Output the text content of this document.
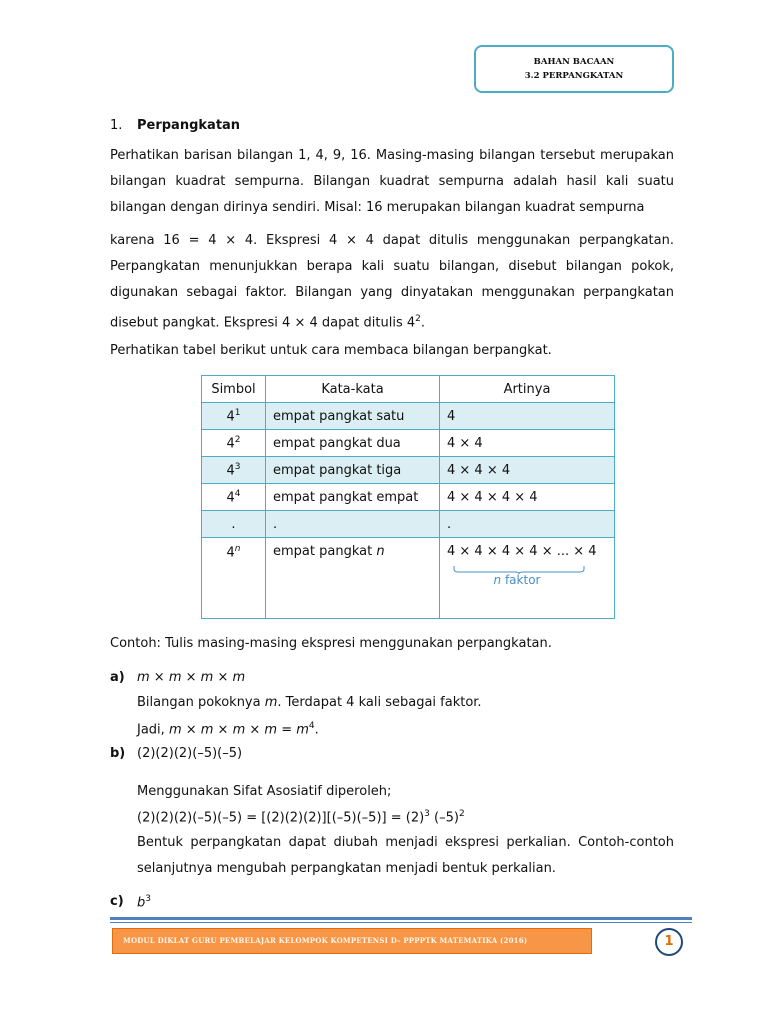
BAHAN BACAAN
3.2 PERPANGKATAN
1. Perpangkatan
Perhatikan barisan bilangan 1, 4, 9, 16. Masing-masing bilangan tersebut merupakan
bilangan kuadrat sempurna. Bilangan kuadrat sempurna adalah hasil kali suatu
bilangan dengan dirinya sendiri. Misal: 16 merupakan bilangan kuadrat sempurna
karena 16 = 4 × 4. Ekspresi 4 × 4 dapat ditulis menggunakan perpangkatan.
Perpangkatan menunjukkan berapa kali suatu bilangan, disebut bilangan pokok,
digunakan sebagai faktor. Bilangan yang dinyatakan menggunakan perpangkatan
disebut pangkat. Ekspresi 4 × 4 dapat ditulis $4^2$.
Perhatikan tabel berikut untuk cara membaca bilangan berpangkat.
Simbol	Kata-kata	Artinya
$4^1$	empat pangkat satu	4
$4^2$	empat pangkat dua	4 × 4
$4^3$	empat pangkat tiga	4 × 4 × 4
$4^4$	empat pangkat empat	4 × 4 × 4 × 4
.	.	.
4$^n$	empat pangkat n	4 × 4 × 4 × 4 × ... × 4
n faktor
Contoh: Tulis masing-masing ekspresi menggunakan perpangkatan.
a) m × m × m × m
Bilangan pokoknya m. Terdapat 4 kali sebagai faktor.
Jadi, $m \times m \times m \times m = m^4$.
b) (2)(2)(2)(–5)(–5)
Menggunakan Sifat Asosiatif diperoleh;
$(2)(2)(2)(-5)(-5) = [(2)(2)(2)][(-5)(-5)] = (2)^3$ $(-5)^2$
Bentuk perpangkatan dapat diubah menjadi ekspresi perkalian. Contoh-contoh
selanjutnya mengubah perpangkatan menjadi bentuk perkalian.
c) $b^3$
MODUL DIKLAT GURU PEMBELAJAR KELOMPOK KOMPETENSI D– PPPPTK MATEMATIKA (2016)	1
